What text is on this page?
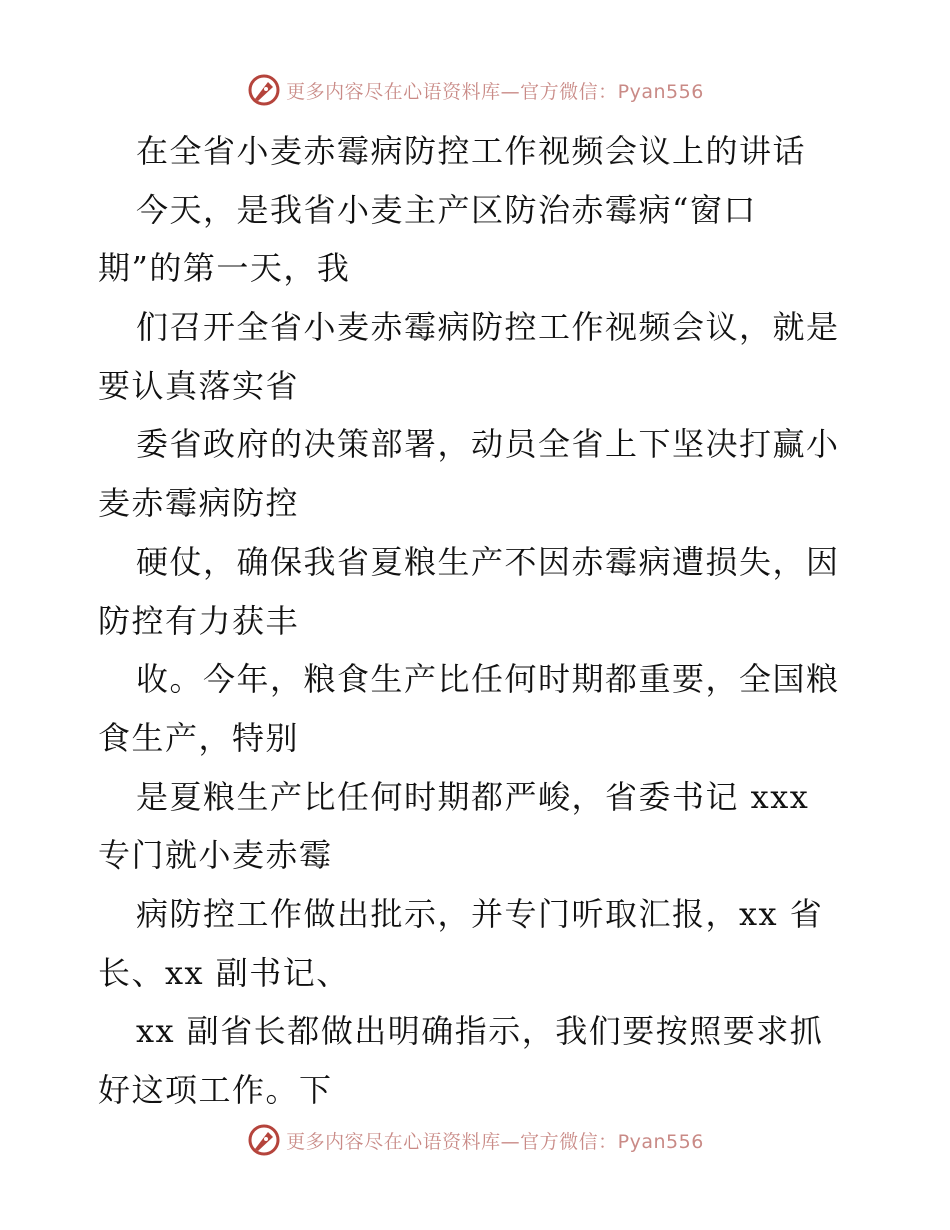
更多内容尽在心语资料库—官方微信：Pyan556
在全省小麦赤霉病防控工作视频会议上的讲话
今天，是我省小麦主产区防治赤霉病“窗口
期”的第一天，我
们召开全省小麦赤霉病防控工作视频会议，就是
要认真落实省
委省政府的决策部署，动员全省上下坚决打赢小
麦赤霉病防控
硬仗，确保我省夏粮生产不因赤霉病遭损失，因
防控有力获丰
收。今年，粮食生产比任何时期都重要，全国粮
食生产，特别
是夏粮生产比任何时期都严峻，省委书记 xxx
专门就小麦赤霉
病防控工作做出批示，并专门听取汇报，xx 省
长、xx 副书记、
xx 副省长都做出明确指示，我们要按照要求抓
好这项工作。下
更多内容尽在心语资料库—官方微信：Pyan556
